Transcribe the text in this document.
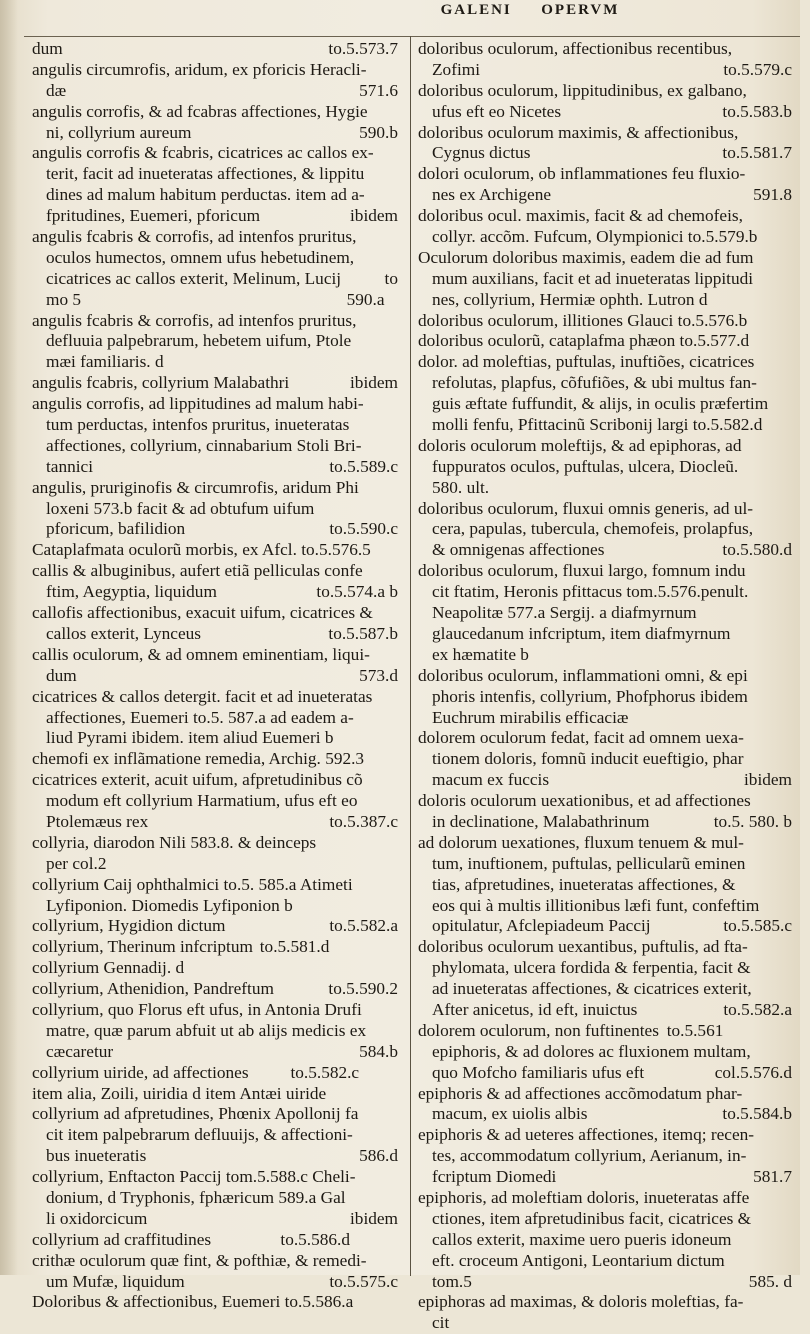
GALENI OPERVM
to.5.573.7
dum
angulis circumrofis, aridum, ex pforicis Heracli-
571.6
dæ
angulis corrofis, & ad fcabras affectiones, Hygie
590.b
ni, collyrium aureum
angulis corrofis & fcabris, cicatrices ac callos ex-
terit, facit ad inueteratas affectiones, & lippitu
dines ad malum habitum perductas. item ad a-
ibidem
fpritudines, Euemeri, pforicum
angulis fcabris & corrofis, ad intenfos pruritus,
oculos humectos, omnem ufus hebetudinem,
to
cicatrices ac callos exterit, Melinum, Lucij
590.a
mo 5
angulis fcabris & corrofis, ad intenfos pruritus,
defluuia palpebrarum, hebetem uifum, Ptole
mæi familiaris. d
ibidem
angulis fcabris, collyrium Malabathri
angulis corrofis, ad lippitudines ad malum habi-
tum perductas, intenfos pruritus, inueteratas
affectiones, collyrium, cinnabarium Stoli Bri-
to.5.589.c
tannici
angulis, pruriginofis & circumrofis, aridum Phi
loxeni 573.b facit & ad obtufum uifum
to.5.590.c
pforicum, bafilidion
Cataplafmata oculorũ morbis, ex Afcl. to.5.576.5
callis & albuginibus, aufert etiã pelliculas confe
to.5.574.a b
ftim, Aegyptia, liquidum
callofis affectionibus, exacuit uifum, cicatrices &
to.5.587.b
callos exterit, Lynceus
callis oculorum, & ad omnem eminentiam, liqui-
573.d
dum
cicatrices & callos detergit. facit et ad inueteratas
affectiones, Euemeri to.5. 587.a ad eadem a-
liud Pyrami ibidem. item aliud Euemeri b
chemofi ex inflãmatione remedia, Archig. 592.3
cicatrices exterit, acuit uifum, afpretudinibus cõ
modum eft collyrium Harmatium, ufus eft eo
to.5.387.c
Ptolemæus rex
collyria, diarodon Nili 583.8. & deinceps
per col.2
collyrium Caij ophthalmici to.5. 585.a Atimeti
Lyfiponion. Diomedis Lyfiponion b
to.5.582.a
collyrium, Hygidion dictum
to.5.581.d
collyrium, Therinum infcriptum
collyrium Gennadij. d
to.5.590.2
collyrium, Athenidion, Pandreftum
collyrium, quo Florus eft ufus, in Antonia Drufi
matre, quæ parum abfuit ut ab alijs medicis ex
584.b
cæcaretur
to.5.582.c
collyrium uiride, ad affectiones
item alia, Zoili, uiridia d item Antæi uiride
collyrium ad afpretudines, Phœnix Apollonij fa
cit item palpebrarum defluuijs, & affectioni-
586.d
bus inueteratis
collyrium, Enftacton Paccij tom.5.588.c Cheli-
donium, d Tryphonis, fphæricum 589.a Gal
ibidem
li oxidorcicum
to.5.586.d
collyrium ad craffitudines
crithæ oculorum quæ fint, & pofthiæ, & remedi-
to.5.575.c
um Mufæ, liquidum
Doloribus & affectionibus, Euemeri to.5.586.a
doloribus oculorum, affectionibus recentibus,
to.5.579.c
Zofimi
doloribus oculorum, lippitudinibus, ex galbano,
to.5.583.b
ufus eft eo Nicetes
doloribus oculorum maximis, & affectionibus,
to.5.581.7
Cygnus dictus
dolori oculorum, ob inflammationes feu fluxio-
591.8
nes ex Archigene
doloribus ocul. maximis, facit & ad chemofeis,
collyr. accõm. Fufcum, Olympionici to.5.579.b
Oculorum doloribus maximis, eadem die ad fum
mum auxilians, facit et ad inueteratas lippitudi
nes, collyrium, Hermiæ ophth. Lutron d
doloribus oculorum, illitiones Glauci to.5.576.b
doloribus oculorũ, cataplafma phæon to.5.577.d
dolor. ad moleftias, puftulas, inuftiões, cicatrices
refolutas, plapfus, cõfufiões, & ubi multus fan-
guis æftate fuffundit, & alijs, in oculis præfertim
molli fenfu, Pfittacinũ Scribonij largi to.5.582.d
doloris oculorum moleftijs, & ad epiphoras, ad
fuppuratos oculos, puftulas, ulcera, Diocleũ.
580. ult.
doloribus oculorum, fluxui omnis generis, ad ul-
cera, papulas, tubercula, chemofeis, prolapfus,
to.5.580.d
& omnigenas affectiones
doloribus oculorum, fluxui largo, fomnum indu
cit ftatim, Heronis pfittacus tom.5.576.penult.
Neapolitæ 577.a Sergij. a diafmyrnum
glaucedanum infcriptum, item diafmyrnum
ex hæmatite b
doloribus oculorum, inflammationi omni, & epi
phoris intenfis, collyrium, Phofphorus ibidem
Euchrum mirabilis efficaciæ
dolorem oculorum fedat, facit ad omnem uexa-
tionem doloris, fomnũ inducit eueftigio, phar
ibidem
macum ex fuccis
doloris oculorum uexationibus, et ad affectiones
to.5. 580. b
in declinatione, Malabathrinum
ad dolorum uexationes, fluxum tenuem & mul-
tum, inuftionem, puftulas, pellicularũ eminen
tias, afpretudines, inueteratas affectiones, &
eos qui à multis illitionibus læfi funt, confeftim
to.5.585.c
opitulatur, Afclepiadeum Paccij
doloribus oculorum uexantibus, puftulis, ad fta-
phylomata, ulcera fordida & ferpentia, facit &
ad inueteratas affectiones, & cicatrices exterit,
to.5.582.a
After anicetus, id eft, inuictus
to.5.561
dolorem oculorum, non fuftinentes
epiphoris, & ad dolores ac fluxionem multam,
col.5.576.d
quo Mofcho familiaris ufus eft
epiphoris & ad affectiones accõmodatum phar-
to.5.584.b
macum, ex uiolis albis
epiphoris & ad ueteres affectiones, itemq; recen-
tes, accommodatum collyrium, Aerianum, in-
581.7
fcriptum Diomedi
epiphoris, ad moleftiam doloris, inueteratas affe
ctiones, item afpretudinibus facit, cicatrices &
callos exterit, maxime uero pueris idoneum
eft. croceum Antigoni, Leontarium dictum
585. d
tom.5
epiphoras ad maximas, & doloris moleftias, fa-
cit
